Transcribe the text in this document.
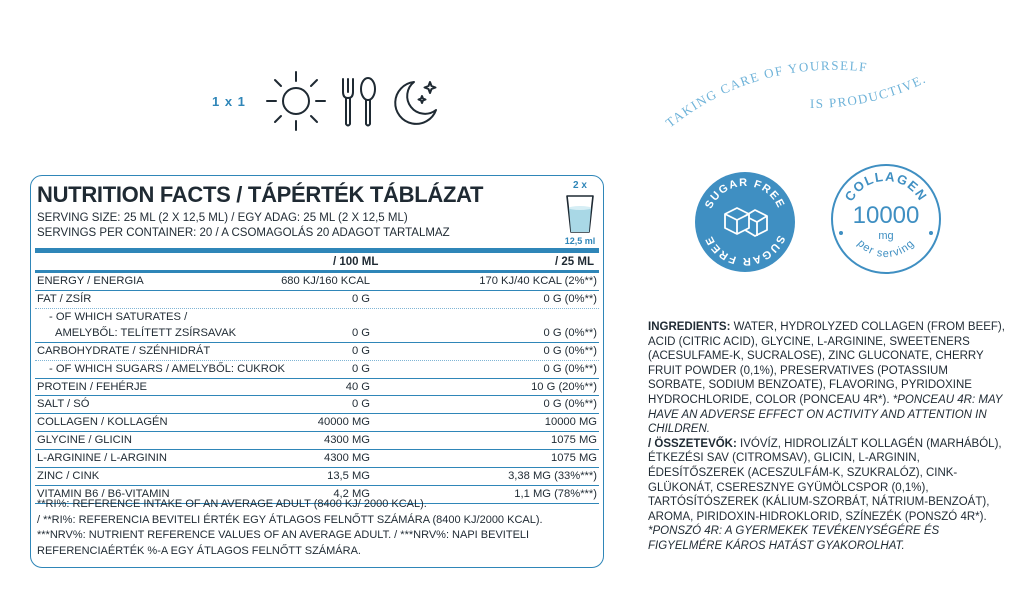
1 x 1
TAKING CARE OF YOURSELF
IS PRODUCTIVE.
SUGAR FREE
SUGAR FREE
COLLAGEN
10000
mg
per serving
NUTRITION FACTS / TÁPÉRTÉK TÁBLÁZAT
SERVING SIZE: 25 ML (2 X 12,5 ML) / EGY ADAG: 25 ML (2 X 12,5 ML)
SERVINGS PER CONTAINER: 20 / A CSOMAGOLÁS 20 ADAGOT TARTALMAZ
2 x
12,5 ml
/ 100 ML	/ 25 ML
ENERGY / ENERGIA	680 KJ/160 KCAL	170 KJ/40 KCAL (2%**)
FAT / ZSÍR	0 G	0 G (0%**)
- OF WHICH SATURATES /
AMELYBŐL: TELÍTETT ZSÍRSAVAK	0 G	0 G (0%**)
CARBOHYDRATE / SZÉNHIDRÁT	0 G	0 G (0%**)
- OF WHICH SUGARS / AMELYBŐL: CUKROK	0 G	0 G (0%**)
PROTEIN / FEHÉRJE	40 G	10 G (20%**)
SALT / SÓ	0 G	0 G (0%**)
COLLAGEN / KOLLAGÉN	40000 MG	10000 MG
GLYCINE / GLICIN	4300 MG	1075 MG
L-ARGININE / L-ARGININ	4300 MG	1075 MG
ZINC / CINK	13,5 MG	3,38 MG (33%***)
VITAMIN B6 / B6-VITAMIN	4,2 MG	1,1 MG (78%***)
**RI%: REFERENCE INTAKE OF AN AVERAGE ADULT (8400 KJ/ 2000 KCAL).
/ **RI%: REFERENCIA BEVITELI ÉRTÉK EGY ÁTLAGOS FELNŐTT SZÁMÁRA (8400 KJ/2000 KCAL).
***NRV%: NUTRIENT REFERENCE VALUES OF AN AVERAGE ADULT. / ***NRV%: NAPI BEVITELI
REFERENCIAÉRTÉK %-A EGY ÁTLAGOS FELNŐTT SZÁMÁRA.
INGREDIENTS: WATER, HYDROLYZED COLLAGEN (FROM BEEF), ACID (CITRIC ACID), GLYCINE, L-ARGININE, SWEETENERS (ACESULFAME-K, SUCRALOSE), ZINC GLUCONATE, CHERRY FRUIT POWDER (0,1%), PRESERVATIVES (POTASSIUM SORBATE, SODIUM BENZOATE), FLAVORING, PYRIDOXINE HYDROCHLORIDE, COLOR (PONCEAU 4R*). *PONCEAU 4R: MAY HAVE AN ADVERSE EFFECT ON ACTIVITY AND ATTENTION IN CHILDREN.
/ ÖSSZETEVŐK: IVÓVÍZ, HIDROLIZÁLT KOLLAGÉN (MARHÁBÓL), ÉTKEZÉSI SAV (CITROMSAV), GLICIN, L-ARGININ, ÉDESÍTŐSZEREK (ACESZULFÁM-K, SZUKRALÓZ), CINK-GLÜKONÁT, CSERESZNYE GYÜMÖLCSPOR (0,1%), TARTÓSÍTÓSZEREK (KÁLIUM-SZORBÁT, NÁTRIUM-BENZOÁT), AROMA, PIRIDOXIN-HIDROKLORID, SZÍNEZÉK (PONSZÓ 4R*).
*PONSZÓ 4R: A GYERMEKEK TEVÉKENYSÉGÉRE ÉS FIGYELMÉRE KÁROS HATÁST GYAKOROLHAT.
